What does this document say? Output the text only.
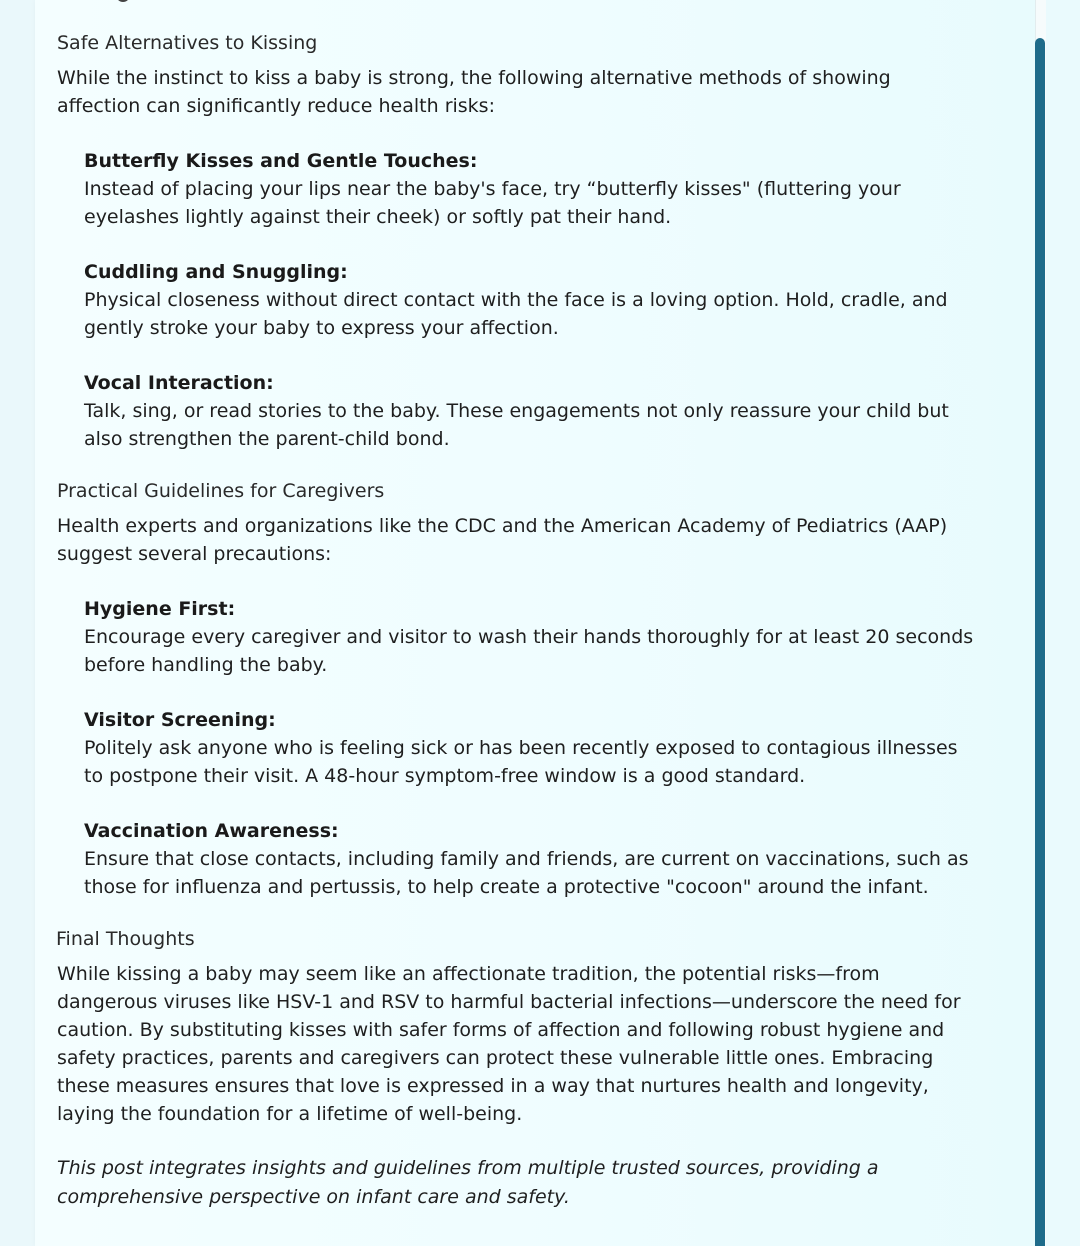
Safe Alternatives to Kissing

While the instinct to kiss a baby is strong, the following alternative methods of showing affection can significantly reduce health risks:

Butterfly Kisses and Gentle Touches:
Instead of placing your lips near the baby's face, try “butterfly kisses" (fluttering your eyelashes lightly against their cheek) or softly pat their hand.
Cuddling and Snuggling:
Physical closeness without direct contact with the face is a loving option. Hold, cradle, and gently stroke your baby to express your affection.
Vocal Interaction:
Talk, sing, or read stories to the baby. These engagements not only reassure your child but also strengthen the parent-child bond.
Practical Guidelines for Caregivers

Health experts and organizations like the CDC and the American Academy of Pediatrics (AAP) suggest several precautions:

Hygiene First:
Encourage every caregiver and visitor to wash their hands thoroughly for at least 20 seconds before handling the baby.
Visitor Screening:
Politely ask anyone who is feeling sick or has been recently exposed to contagious illnesses to postpone their visit. A 48-hour symptom-free window is a good standard.
Vaccination Awareness:
Ensure that close contacts, including family and friends, are current on vaccinations, such as those for influenza and pertussis, to help create a protective "cocoon" around the infant.
Final Thoughts

While kissing a baby may seem like an affectionate tradition, the potential risks—from dangerous viruses like HSV-1 and RSV to harmful bacterial infections—underscore the need for caution. By substituting kisses with safer forms of affection and following robust hygiene and safety practices, parents and caregivers can protect these vulnerable little ones. Embracing these measures ensures that love is expressed in a way that nurtures health and longevity, laying the foundation for a lifetime of well-being.

This post integrates insights and guidelines from multiple trusted sources, providing a comprehensive perspective on infant care and safety.
